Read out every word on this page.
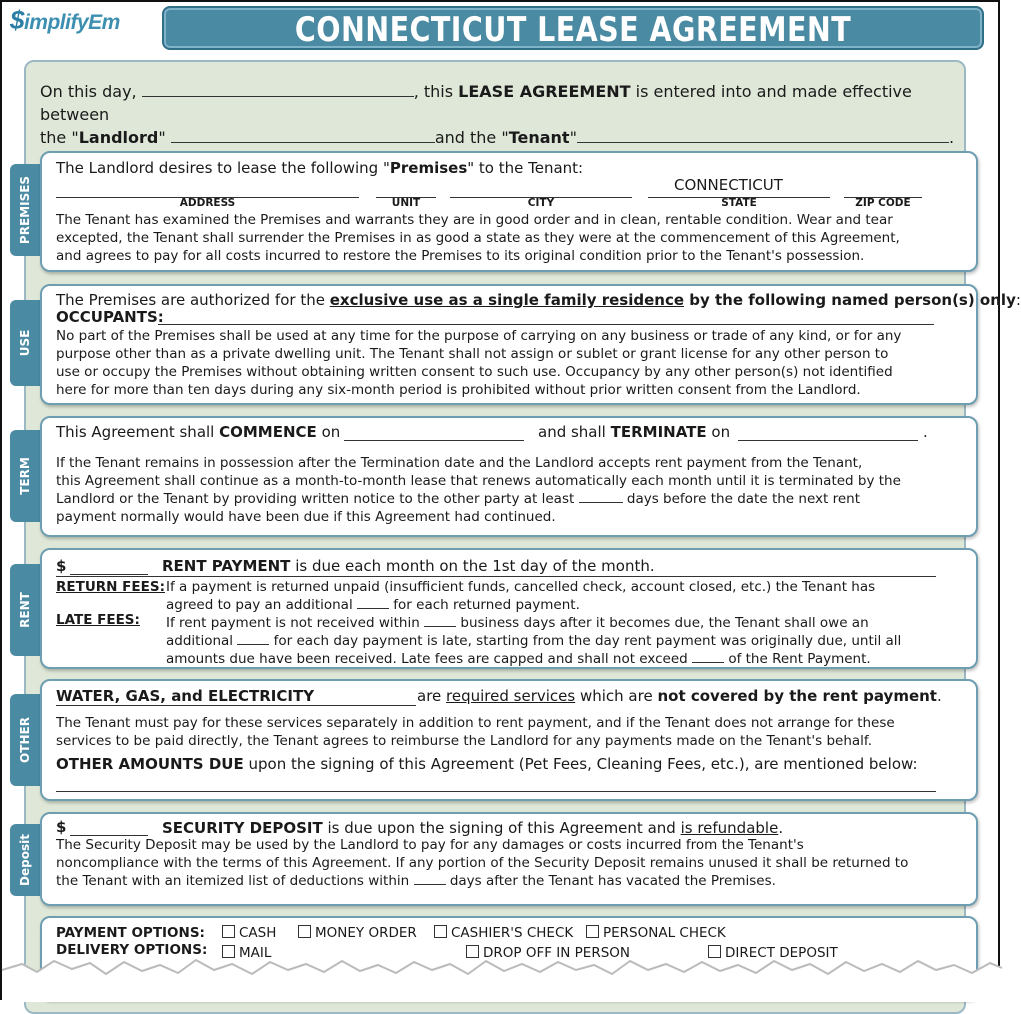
$implifyEm	CONNECTICUT LEASE AGREEMENT
On this day,	, this LEASE AGREEMENT is entered into and made effective between
the "Landlord"	and the "Tenant"	.
PREMISES
The Landlord desires to lease the following "Premises" to the Tenant:
CONNECTICUT
ADDRESS	UNIT	CITY	STATE	ZIP CODE
The Tenant has examined the Premises and warrants they are in good order and in clean, rentable condition. Wear and tear
excepted, the Tenant shall surrender the Premises in as good a state as they were at the commencement of this Agreement,
and agrees to pay for all costs incurred to restore the Premises to its original condition prior to the Tenant's possession.
USE
The Premises are authorized for the exclusive use as a single family residence by the following named person(s) only:
OCCUPANTS:
No part of the Premises shall be used at any time for the purpose of carrying on any business or trade of any kind, or for any
purpose other than as a private dwelling unit. The Tenant shall not assign or sublet or grant license for any other person to
use or occupy the Premises without obtaining written consent to such use. Occupancy by any other person(s) not identified
here for more than ten days during any six-month period is prohibited without prior written consent from the Landlord.
TERM
This Agreement shall COMMENCE on	and shall TERMINATE on	.
If the Tenant remains in possession after the Termination date and the Landlord accepts rent payment from the Tenant,
this Agreement shall continue as a month-to-month lease that renews automatically each month until it is terminated by the
Landlord or the Tenant by providing written notice to the other party at least	days before the date the next rent
payment normally would have been due if this Agreement had continued.
RENT
$	RENT PAYMENT is due each month on the 1st day of the month.
RETURN FEES: If a payment is returned unpaid (insufficient funds, cancelled check, account closed, etc.) the Tenant has
agreed to pay an additional	for each returned payment.
LATE FEES: If rent payment is not received within	business days after it becomes due, the Tenant shall owe an
additional	for each day payment is late, starting from the day rent payment was originally due, until all
amounts due have been received. Late fees are capped and shall not exceed	of the Rent Payment.
OTHER
WATER, GAS, and ELECTRICITY	are required services which are not covered by the rent payment.
The Tenant must pay for these services separately in addition to rent payment, and if the Tenant does not arrange for these
services to be paid directly, the Tenant agrees to reimburse the Landlord for any payments made on the Tenant's behalf.
OTHER AMOUNTS DUE upon the signing of this Agreement (Pet Fees, Cleaning Fees, etc.), are mentioned below:
Deposit
$	SECURITY DEPOSIT is due upon the signing of this Agreement and is refundable.
The Security Deposit may be used by the Landlord to pay for any damages or costs incurred from the Tenant's
noncompliance with the terms of this Agreement. If any portion of the Security Deposit remains unused it shall be returned to
the Tenant with an itemized list of deductions within	days after the Tenant has vacated the Premises.
PAYMENT OPTIONS:	CASH	MONEY ORDER	CASHIER'S CHECK	PERSONAL CHECK
DELIVERY OPTIONS:	MAIL	DROP OFF IN PERSON	DIRECT DEPOSIT
